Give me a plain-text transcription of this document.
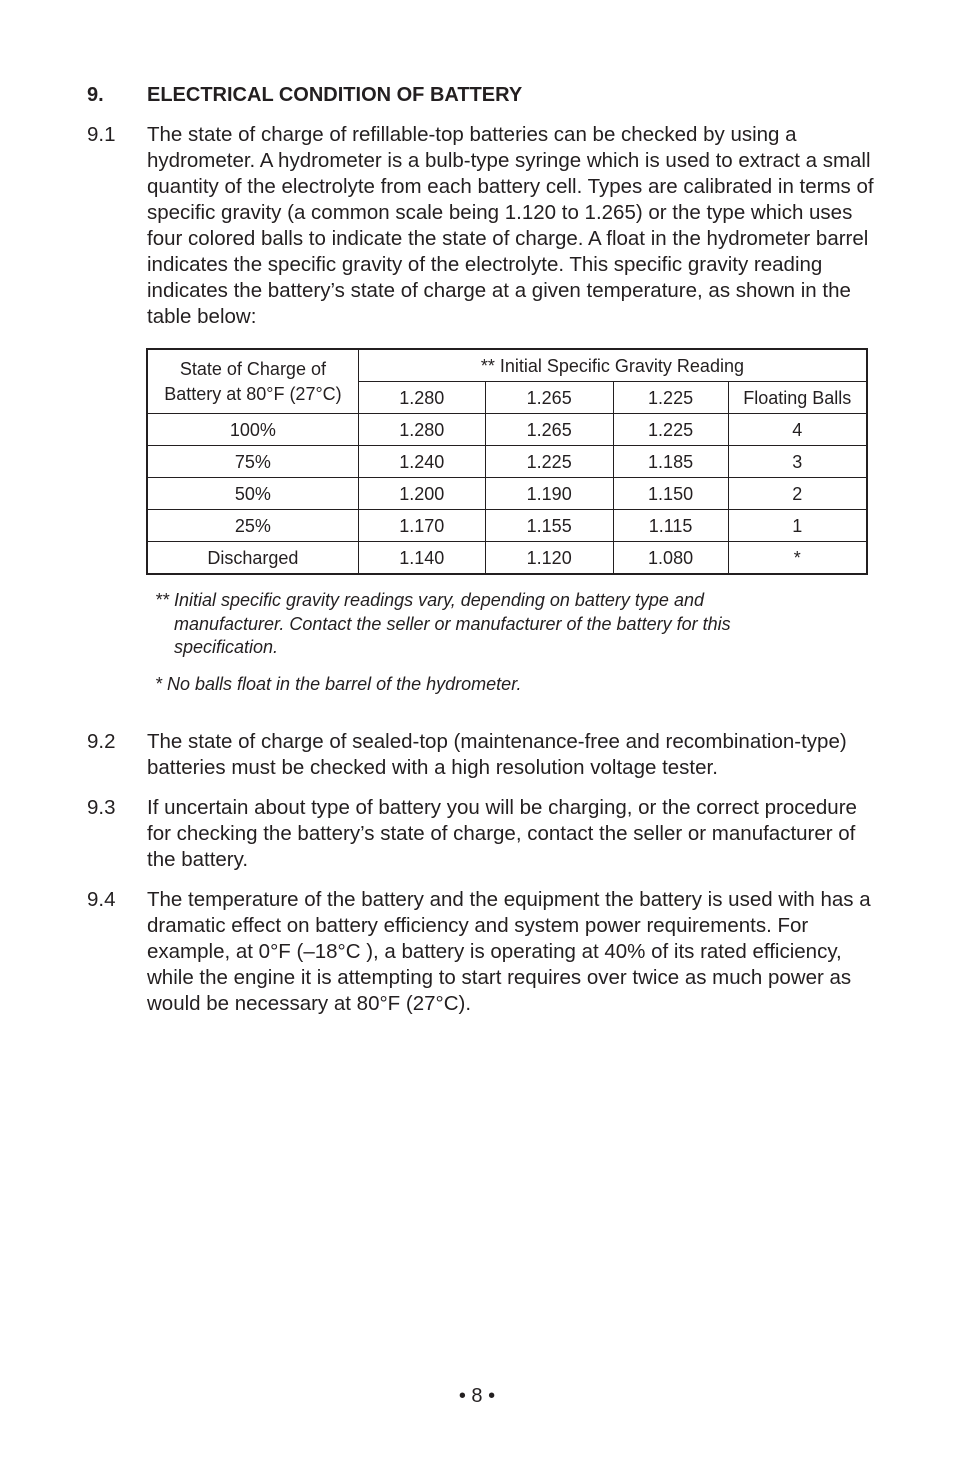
9. ELECTRICAL CONDITION OF BATTERY
9.1 The state of charge of refillable-top batteries can be checked by using a hydrometer. A hydrometer is a bulb-type syringe which is used to extract a small quantity of the electrolyte from each battery cell. Types are calibrated in terms of specific gravity (a common scale being 1.120 to 1.265) or the type which uses four colored balls to indicate the state of charge. A float in the hydrometer barrel indicates the specific gravity of the electrolyte. This specific gravity reading indicates the battery’s state of charge at a given temperature, as shown in the table below:
State of Charge of
Battery at 80°F (27°C)	** Initial Specific Gravity Reading			
	1.280	1.265	1.225	Floating Balls
100%	1.280	1.265	1.225	4
75%	1.240	1.225	1.185	3
50%	1.200	1.190	1.150	2
25%	1.170	1.155	1.115	1
Discharged	1.140	1.120	1.080	*
** Initial specific gravity readings vary, depending on battery type and manufacturer. Contact the seller or manufacturer of the battery for this specification.
* No balls float in the barrel of the hydrometer.
9.2 The state of charge of sealed-top (maintenance-free and recombination-type) batteries must be checked with a high resolution voltage tester.
9.3 If uncertain about type of battery you will be charging, or the correct procedure for checking the battery’s state of charge, contact the seller or manufacturer of the battery.
9.4 The temperature of the battery and the equipment the battery is used with has a dramatic effect on battery efficiency and system power requirements. For example, at 0°F (–18°C ), a battery is operating at 40% of its rated efficiency, while the engine it is attempting to start requires over twice as much power as would be necessary at 80°F (27°C).
• 8 •
